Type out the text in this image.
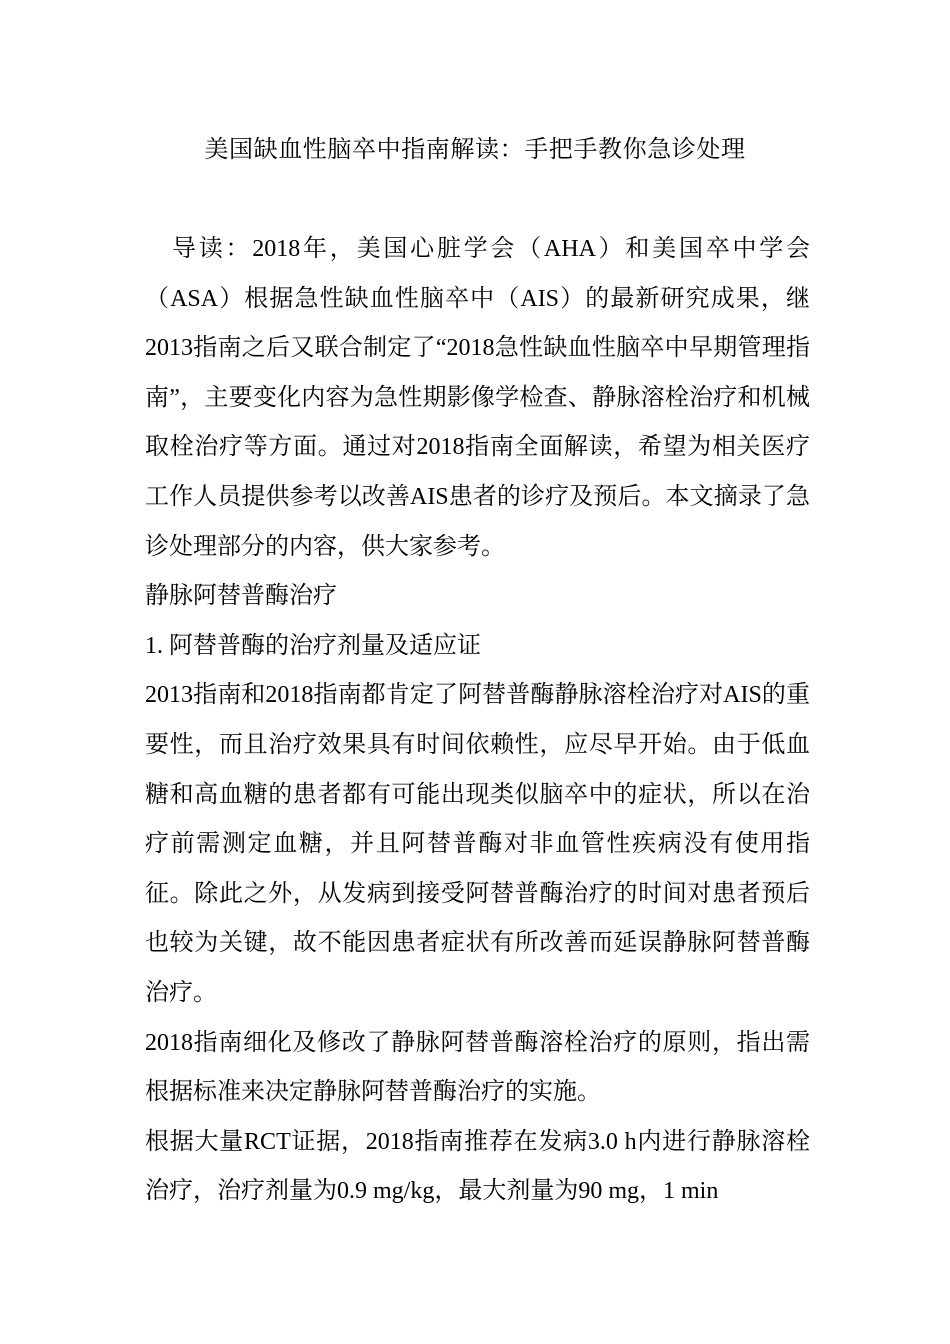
美国缺血性脑卒中指南解读：手把手教你急诊处理

导读：2018年，美国心脏学会（AHA）和美国卒中学会（ASA）根据急性缺血性脑卒中（AIS）的最新研究成果，继2013指南之后又联合制定了“2018急性缺血性脑卒中早期管理指南”，主要变化内容为急性期影像学检查、静脉溶栓治疗和机械取栓治疗等方面。通过对2018指南全面解读，希望为相关医疗工作人员提供参考以改善AIS患者的诊疗及预后。本文摘录了急诊处理部分的内容，供大家参考。

静脉阿替普酶治疗

1. 阿替普酶的治疗剂量及适应证

2013指南和2018指南都肯定了阿替普酶静脉溶栓治疗对AIS的重要性，而且治疗效果具有时间依赖性，应尽早开始。由于低血糖和高血糖的患者都有可能出现类似脑卒中的症状，所以在治疗前需测定血糖，并且阿替普酶对非血管性疾病没有使用指征。除此之外，从发病到接受阿替普酶治疗的时间对患者预后也较为关键，故不能因患者症状有所改善而延误静脉阿替普酶治疗。

2018指南细化及修改了静脉阿替普酶溶栓治疗的原则，指出需根据标准来决定静脉阿替普酶治疗的实施。

根据大量RCT证据，2018指南推荐在发病3.0 h内进行静脉溶栓治疗，治疗剂量为0.9 mg/kg，最大剂量为90 mg，1 min
